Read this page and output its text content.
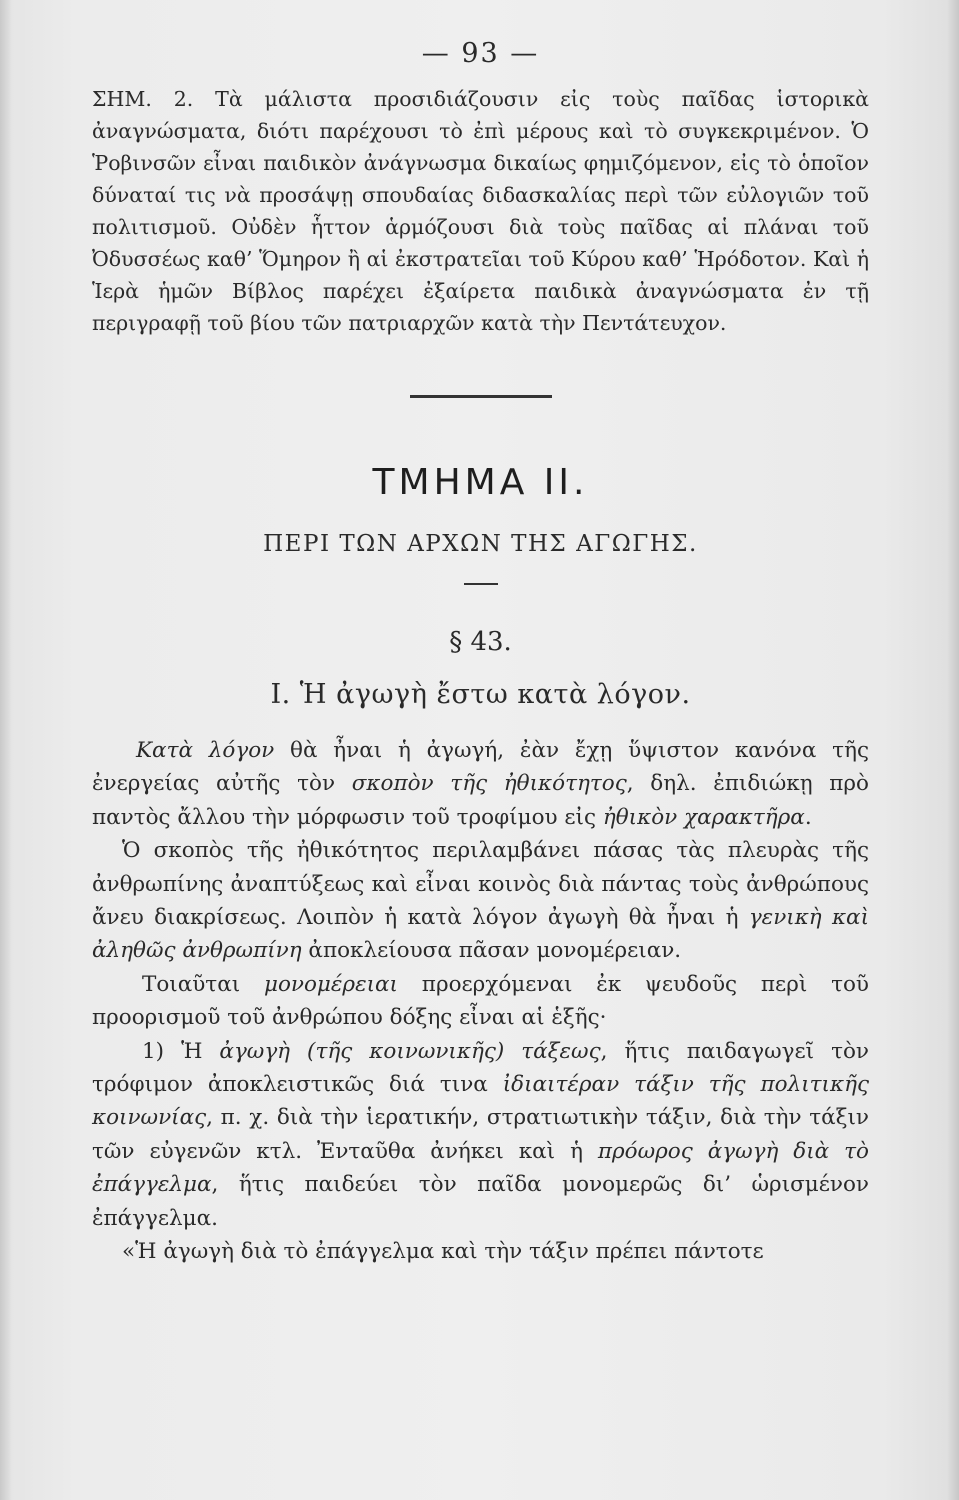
— 93 —

ΣΗΜ. 2. Τὰ μάλιστα προσιδιάζουσιν εἰς τοὺς παῖδας ἱστορικὰ ἀναγνώσματα, διότι παρέχουσι τὸ ἐπὶ μέρους καὶ τὸ συγκεκριμένον. Ὁ Ῥοβινσῶν εἶναι παιδικὸν ἀνάγνωσμα δικαίως φημιζόμενον, εἰς τὸ ὁποῖον δύναταί τις νὰ προσάψῃ σπουδαίας διδασκαλίας περὶ τῶν εὐλογιῶν τοῦ πολιτισμοῦ. Οὐδὲν ἧττον ἁρμόζουσι διὰ τοὺς παῖδας αἱ πλάναι τοῦ Ὀδυσσέως καθ’ Ὅμηρον ἢ αἱ ἐκστρατεῖαι τοῦ Κύρου καθ’ Ἡρόδοτον. Καὶ ἡ Ἱερὰ ἡμῶν Βίβλος παρέχει ἐξαίρετα παιδικὰ ἀναγνώσματα ἐν τῇ περιγραφῇ τοῦ βίου τῶν πατριαρχῶν κατὰ τὴν Πεντάτευχον.

ΤΜΗΜΑ ΙΙ.
ΠΕΡΙ ΤΩΝ ΑΡΧΩΝ ΤΗΣ ΑΓΩΓΗΣ.
§ 43.
Ι. Ἡ ἀγωγὴ ἔστω κατὰ λόγον.

Κατὰ λόγον θὰ ἦναι ἡ ἀγωγή, ἐὰν ἔχῃ ὕψιστον κανόνα τῆς ἐνεργείας αὐτῆς τὸν σκοπὸν τῆς ἠθικότητος, δηλ. ἐπιδιώκῃ πρὸ παντὸς ἄλλου τὴν μόρφωσιν τοῦ τροφίμου εἰς ἠθικὸν χαρακτῆρα.

Ὁ σκοπὸς τῆς ἠθικότητος περιλαμβάνει πάσας τὰς πλευρὰς τῆς ἀνθρωπίνης ἀναπτύξεως καὶ εἶναι κοινὸς διὰ πάντας τοὺς ἀνθρώπους ἄνευ διακρίσεως. Λοιπὸν ἡ κατὰ λόγον ἀγωγὴ θὰ ἦναι ἡ γενικὴ καὶ ἀληθῶς ἀνθρωπίνη ἀποκλείουσα πᾶσαν μονομέρειαν.

Τοιαῦται μονομέρειαι προερχόμεναι ἐκ ψευδοῦς περὶ τοῦ προορισμοῦ τοῦ ἀνθρώπου δόξης εἶναι αἱ ἑξῆς·

1) Ἡ ἀγωγὴ (τῆς κοινωνικῆς) τάξεως, ἥτις παιδαγωγεῖ τὸν τρόφιμον ἀποκλειστικῶς διά τινα ἰδιαιτέραν τάξιν τῆς πολιτικῆς κοινωνίας, π. χ. διὰ τὴν ἱερατικήν, στρατιωτικὴν τάξιν, διὰ τὴν τάξιν τῶν εὐγενῶν κτλ. Ἐνταῦθα ἀνήκει καὶ ἡ πρόωρος ἀγωγὴ διὰ τὸ ἐπάγγελμα, ἥτις παιδεύει τὸν παῖδα μονομερῶς δι’ ὡρισμένον ἐπάγγελμα.

«Ἡ ἀγωγὴ διὰ τὸ ἐπάγγελμα καὶ τὴν τάξιν πρέπει πάντοτε
